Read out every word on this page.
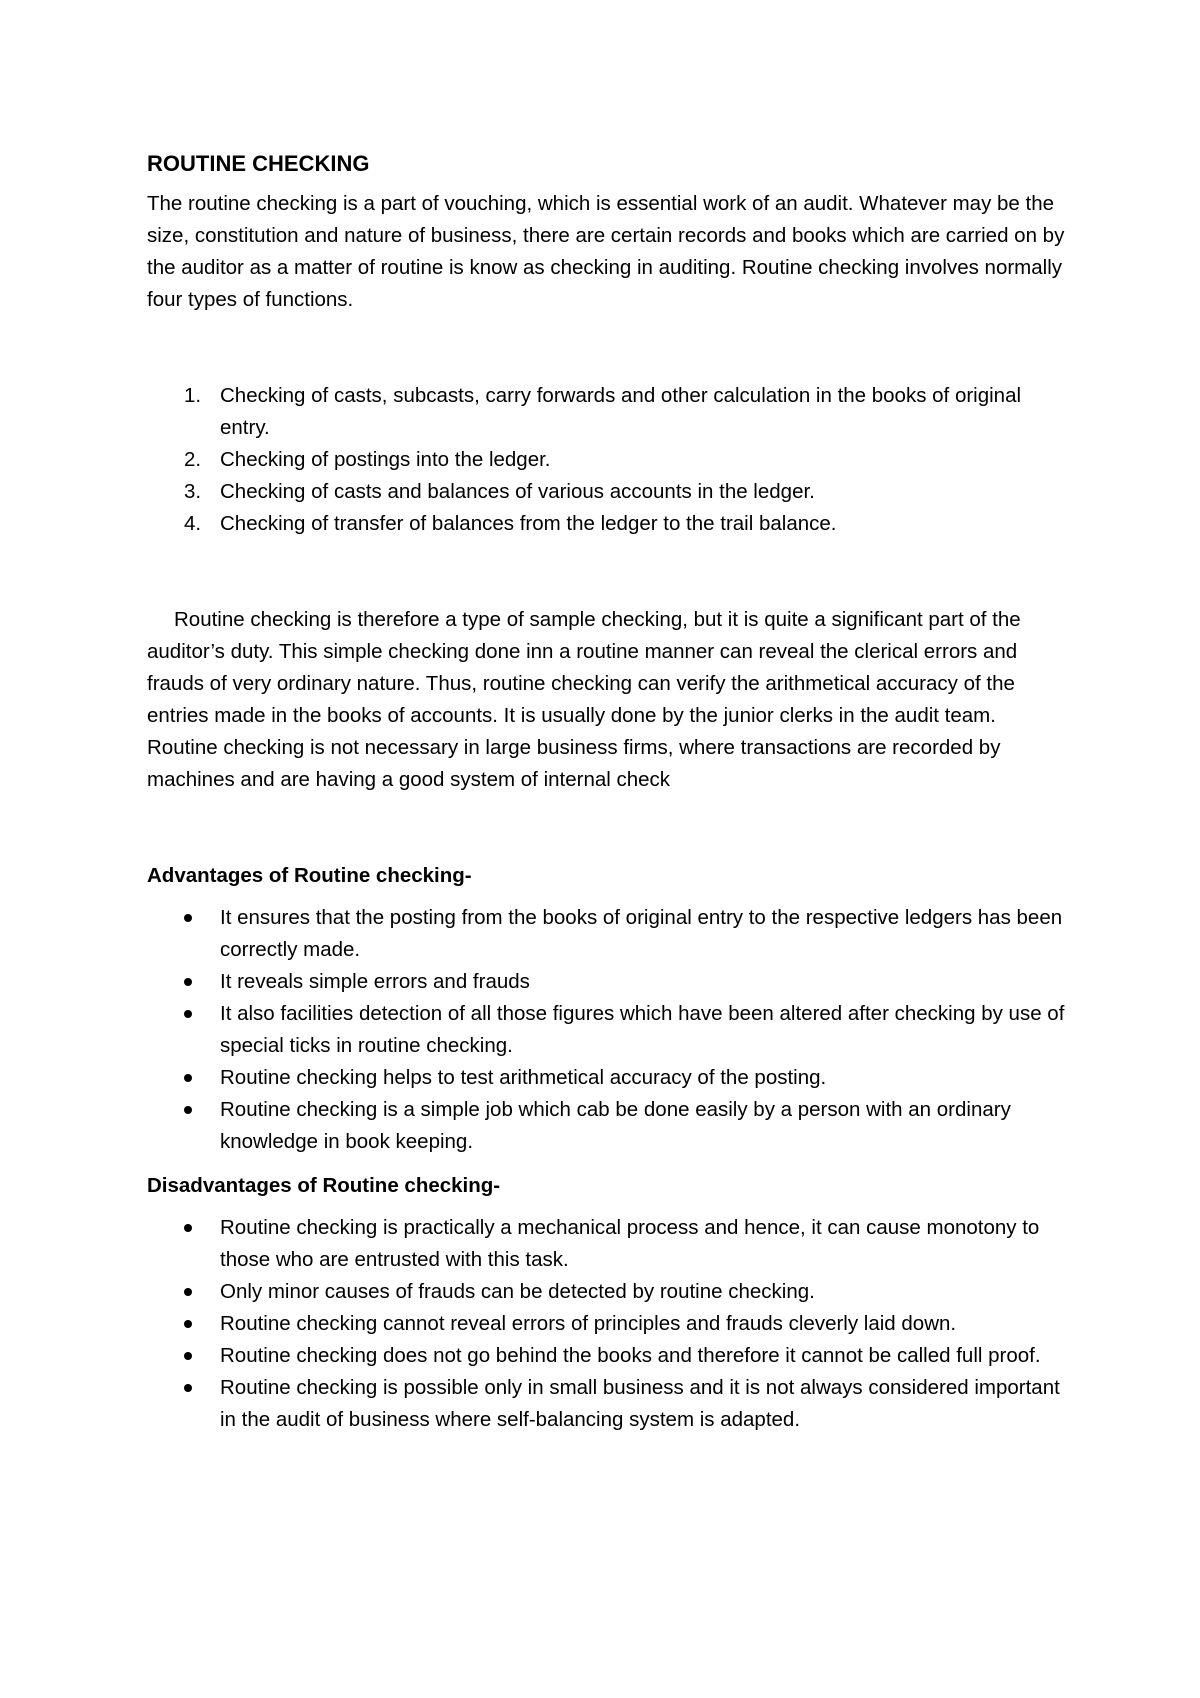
ROUTINE CHECKING

The routine checking is a part of vouching, which is essential work of an audit. Whatever may be the size, constitution and nature of business, there are certain records and books which are carried on by the auditor as a matter of routine is know as checking in auditing. Routine checking involves normally four types of functions.

1. Checking of casts, subcasts, carry forwards and other calculation in the books of original entry.
2. Checking of postings into the ledger.
3. Checking of casts and balances of various accounts in the ledger.
4. Checking of transfer of balances from the ledger to the trail balance.

Routine checking is therefore a type of sample checking, but it is quite a significant part of the auditor’s duty. This simple checking done inn a routine manner can reveal the clerical errors and frauds of very ordinary nature. Thus, routine checking can verify the arithmetical accuracy of the entries made in the books of accounts. It is usually done by the junior clerks in the audit team. Routine checking is not necessary in large business firms, where transactions are recorded by machines and are having a good system of internal check

Advantages of Routine checking-
It ensures that the posting from the books of original entry to the respective ledgers has been correctly made.
It reveals simple errors and frauds
It also facilities detection of all those figures which have been altered after checking by use of special ticks in routine checking.
Routine checking helps to test arithmetical accuracy of the posting.
Routine checking is a simple job which cab be done easily by a person with an ordinary knowledge in book keeping.
Disadvantages of Routine checking-
Routine checking is practically a mechanical process and hence, it can cause monotony to those who are entrusted with this task.
Only minor causes of frauds can be detected by routine checking.
Routine checking cannot reveal errors of principles and frauds cleverly laid down.
Routine checking does not go behind the books and therefore it cannot be called full proof.
Routine checking is possible only in small business and it is not always considered important in the audit of business where self-balancing system is adapted.
